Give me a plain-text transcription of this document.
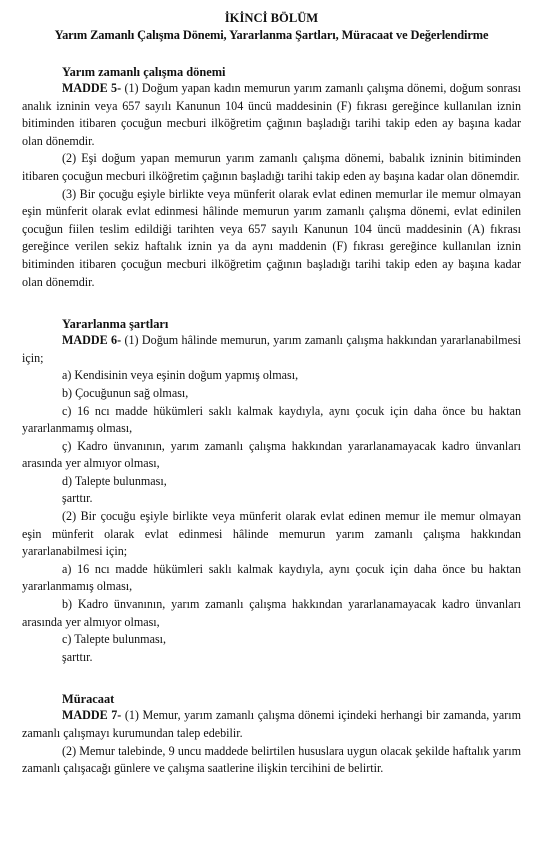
İKİNCİ BÖLÜM

Yarım Zamanlı Çalışma Dönemi, Yararlanma Şartları, Müracaat ve Değerlendirme

Yarım zamanlı çalışma dönemi

MADDE 5- (1) Doğum yapan kadın memurun yarım zamanlı çalışma dönemi, doğum sonrası analık izninin veya 657 sayılı Kanunun 104 üncü maddesinin (F) fıkrası gereğince kullanılan iznin bitiminden itibaren çocuğun mecburi ilköğretim çağının başladığı tarihi takip eden ay başına kadar olan dönemdir.

(2) Eşi doğum yapan memurun yarım zamanlı çalışma dönemi, babalık izninin bitiminden itibaren çocuğun mecburi ilköğretim çağının başladığı tarihi takip eden ay başına kadar olan dönemdir.

(3) Bir çocuğu eşiyle birlikte veya münferit olarak evlat edinen memurlar ile memur olmayan eşin münferit olarak evlat edinmesi hâlinde memurun yarım zamanlı çalışma dönemi, evlat edinilen çocuğun fiilen teslim edildiği tarihten veya 657 sayılı Kanunun 104 üncü maddesinin (A) fıkrası gereğince verilen sekiz haftalık iznin ya da aynı maddenin (F) fıkrası gereğince kullanılan iznin bitiminden itibaren çocuğun mecburi ilköğretim çağının başladığı tarihi takip eden ay başına kadar olan dönemdir.

Yararlanma şartları

MADDE 6- (1) Doğum hâlinde memurun, yarım zamanlı çalışma hakkından yararlanabilmesi için;

a) Kendisinin veya eşinin doğum yapmış olması,

b) Çocuğunun sağ olması,

c) 16 ncı madde hükümleri saklı kalmak kaydıyla, aynı çocuk için daha önce bu haktan yararlanmamış olması,

ç) Kadro ünvanının, yarım zamanlı çalışma hakkından yararlanamayacak kadro ünvanları arasında yer almıyor olması,

d) Talepte bulunması,

şarttır.

(2) Bir çocuğu eşiyle birlikte veya münferit olarak evlat edinen memur ile memur olmayan eşin münferit olarak evlat edinmesi hâlinde memurun yarım zamanlı çalışma hakkından yararlanabilmesi için;

a) 16 ncı madde hükümleri saklı kalmak kaydıyla, aynı çocuk için daha önce bu haktan yararlanmamış olması,

b) Kadro ünvanının, yarım zamanlı çalışma hakkından yararlanamayacak kadro ünvanları arasında yer almıyor olması,

c) Talepte bulunması,

şarttır.

Müracaat

MADDE 7- (1) Memur, yarım zamanlı çalışma dönemi içindeki herhangi bir zamanda, yarım zamanlı çalışmayı kurumundan talep edebilir.

(2) Memur talebinde, 9 uncu maddede belirtilen hususlara uygun olacak şekilde haftalık yarım zamanlı çalışacağı günlere ve çalışma saatlerine ilişkin tercihini de belirtir.
